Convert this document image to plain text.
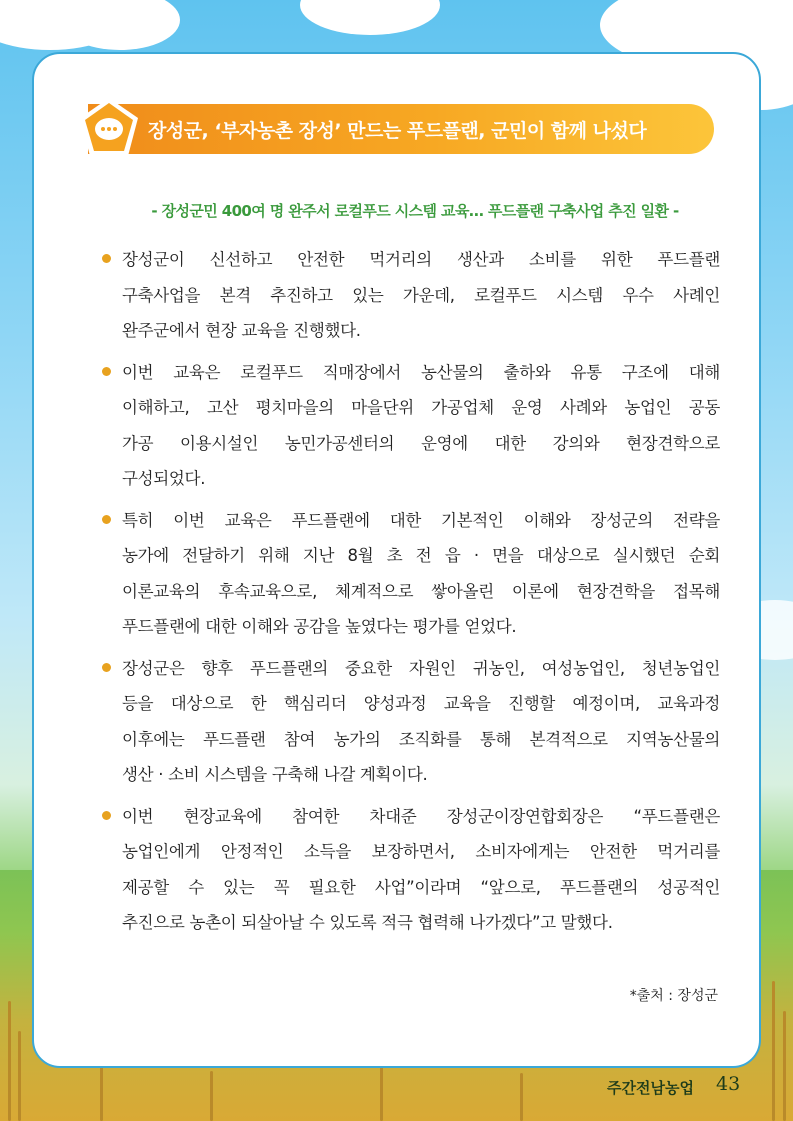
장성군, ‘부자농촌 장성’ 만드는 푸드플랜, 군민이 함께 나섰다
- 장성군민 400여 명 완주서 로컬푸드 시스템 교육… 푸드플랜 구축사업 추진 일환 -
장성군이 신선하고 안전한 먹거리의 생산과 소비를 위한 푸드플랜
구축사업을 본격 추진하고 있는 가운데, 로컬푸드 시스템 우수 사례인
완주군에서 현장 교육을 진행했다.
이번 교육은 로컬푸드 직매장에서 농산물의 출하와 유통 구조에 대해
이해하고, 고산 평치마을의 마을단위 가공업체 운영 사례와 농업인 공동
가공 이용시설인 농민가공센터의 운영에 대한 강의와 현장견학으로
구성되었다.
특히 이번 교육은 푸드플랜에 대한 기본적인 이해와 장성군의 전략을
농가에 전달하기 위해 지난 8월 초 전 읍 · 면을 대상으로 실시했던 순회
이론교육의 후속교육으로, 체계적으로 쌓아올린 이론에 현장견학을 접목해
푸드플랜에 대한 이해와 공감을 높였다는 평가를 얻었다.
장성군은 향후 푸드플랜의 중요한 자원인 귀농인, 여성농업인, 청년농업인
등을 대상으로 한 핵심리더 양성과정 교육을 진행할 예정이며, 교육과정
이후에는 푸드플랜 참여 농가의 조직화를 통해 본격적으로 지역농산물의
생산 · 소비 시스템을 구축해 나갈 계획이다.
이번 현장교육에 참여한 차대준 장성군이장연합회장은 “푸드플랜은
농업인에게 안정적인 소득을 보장하면서, 소비자에게는 안전한 먹거리를
제공할 수 있는 꼭 필요한 사업”이라며 “앞으로, 푸드플랜의 성공적인
추진으로 농촌이 되살아날 수 있도록 적극 협력해 나가겠다”고 말했다.
*출처 : 장성군
주간전남농업 43
